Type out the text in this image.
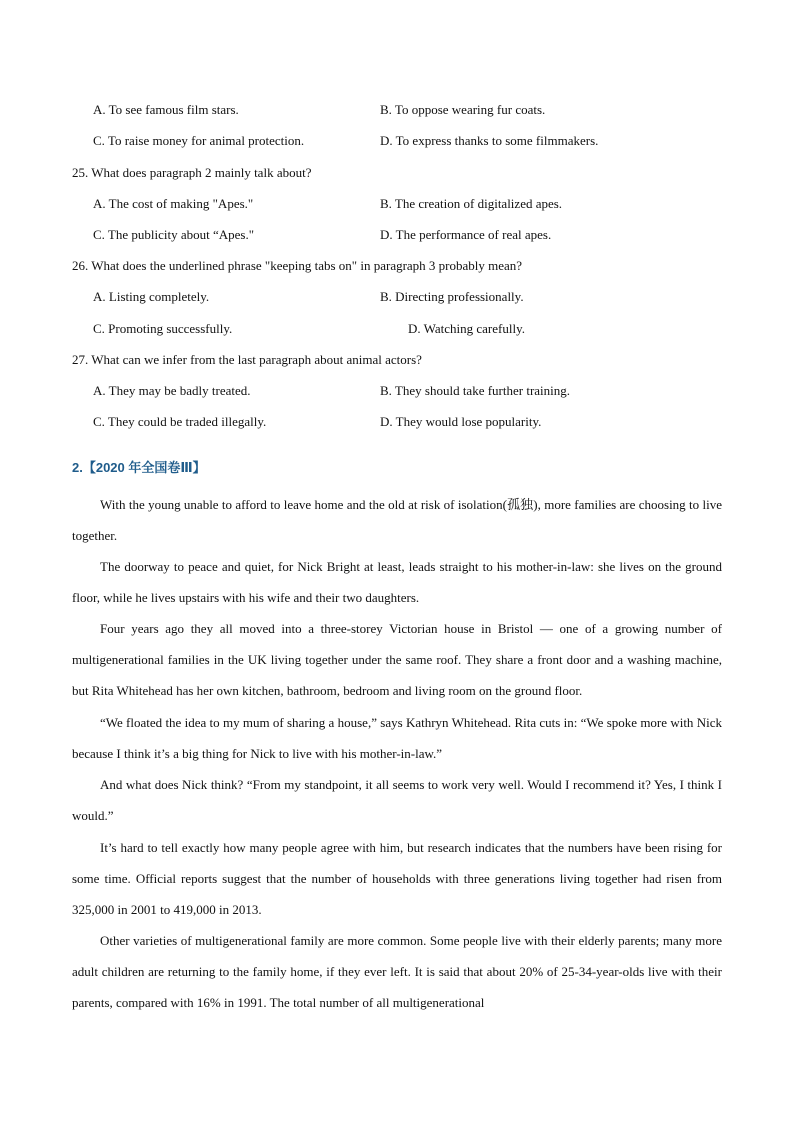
A. To see famous film stars.	B. To oppose wearing fur coats.
C. To raise money for animal protection.	D. To express thanks to some filmmakers.
25. What does paragraph 2 mainly talk about?
A. The cost of making "Apes."	B. The creation of digitalized apes.
C. The publicity about “Apes."	D. The performance of real apes.
26. What does the underlined phrase "keeping tabs on" in paragraph 3 probably mean?
A. Listing completely.	B. Directing professionally.
C. Promoting successfully.	D. Watching carefully.
27. What can we infer from the last paragraph about animal actors?
A. They may be badly treated.	B. They should take further training.
C. They could be traded illegally.	D. They would lose popularity.
2.【2020 年全国卷Ⅲ】

With the young unable to afford to leave home and the old at risk of isolation(孤独), more families are choosing to live together.

The doorway to peace and quiet, for Nick Bright at least, leads straight to his mother-in-law: she lives on the ground floor, while he lives upstairs with his wife and their two daughters.

Four years ago they all moved into a three-storey Victorian house in Bristol — one of a growing number of multigenerational families in the UK living together under the same roof. They share a front door and a washing machine, but Rita Whitehead has her own kitchen, bathroom, bedroom and living room on the ground floor.

“We floated the idea to my mum of sharing a house,” says Kathryn Whitehead. Rita cuts in: “We spoke more with Nick because I think it’s a big thing for Nick to live with his mother-in-law.”

And what does Nick think? “From my standpoint, it all seems to work very well. Would I recommend it? Yes, I think I would.”

It’s hard to tell exactly how many people agree with him, but research indicates that the numbers have been rising for some time. Official reports suggest that the number of households with three generations living together had risen from 325,000 in 2001 to 419,000 in 2013.

Other varieties of multigenerational family are more common. Some people live with their elderly parents; many more adult children are returning to the family home, if they ever left. It is said that about 20% of 25-34-year-olds live with their parents, compared with 16% in 1991. The total number of all multigenerational
